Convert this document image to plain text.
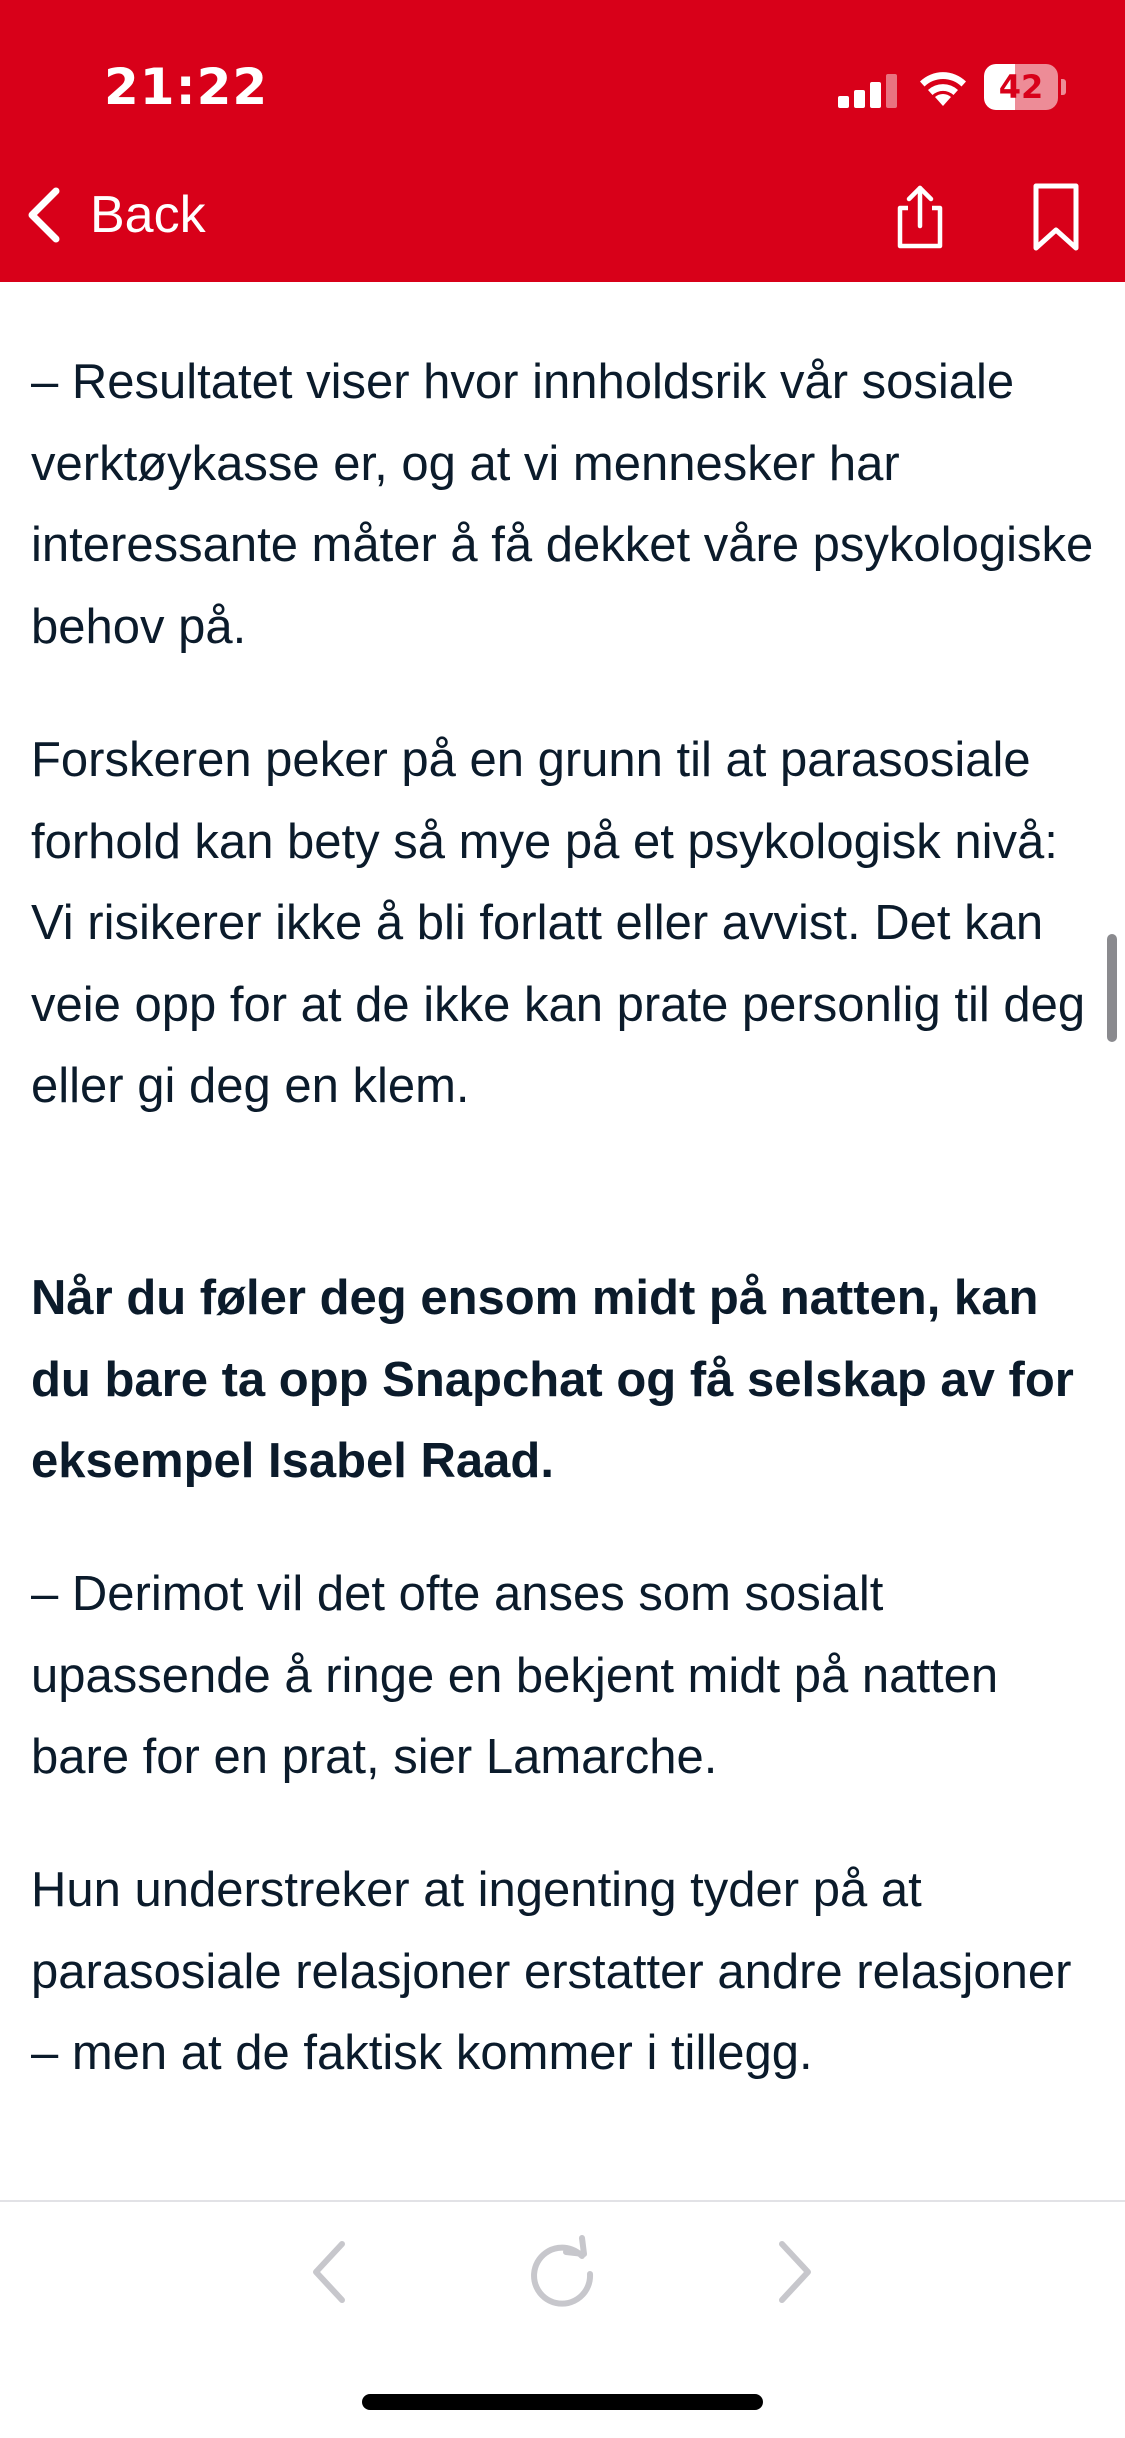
21:22	42
Back

– Resultatet viser hvor innholdsrik vår sosiale verktøykasse er, og at vi mennesker har interessante måter å få dekket våre psykologiske behov på.

Forskeren peker på en grunn til at parasosiale forhold kan bety så mye på et psykologisk nivå: Vi risikerer ikke å bli forlatt eller avvist. Det kan veie opp for at de ikke kan prate personlig til deg eller gi deg en klem.

Når du føler deg ensom midt på natten, kan du bare ta opp Snapchat og få selskap av for eksempel Isabel Raad.

– Derimot vil det ofte anses som sosialt upassende å ringe en bekjent midt på natten bare for en prat, sier Lamarche.

Hun understreker at ingenting tyder på at parasosiale relasjoner erstatter andre relasjoner – men at de faktisk kommer i tillegg.
